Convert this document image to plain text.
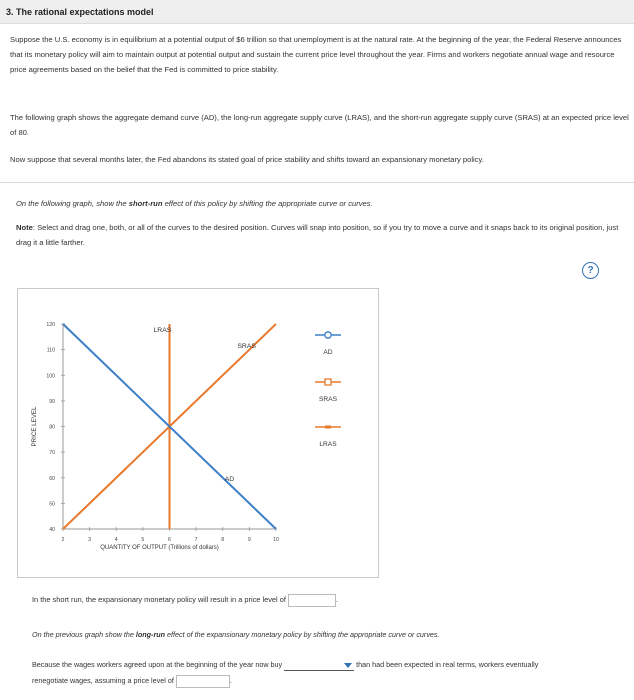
3. The rational expectations model
Suppose the U.S. economy is in equilibrium at a potential output of $6 trillion so that unemployment is at the natural rate. At the beginning of the year, the Federal Reserve announces that its monetary policy will aim to maintain output at potential output and sustain the current price level throughout the year. Firms and workers negotiate annual wage and resource price agreements based on the belief that the Fed is committed to price stability.
The following graph shows the aggregate demand curve (AD), the long-run aggregate supply curve (LRAS), and the short-run aggregate supply curve (SRAS) at an expected price level of 80.
Now suppose that several months later, the Fed abandons its stated goal of price stability and shifts toward an expansionary monetary policy.
On the following graph, show the short-run effect of this policy by shifting the appropriate curve or curves.
Note: Select and drag one, both, or all of the curves to the desired position. Curves will snap into position, so if you try to move a curve and it snaps back to its original position, just drag it a little farther.
?
40
50
60
70
80
90
100
110
120
2	3	4	5	6	7	8	9	10
QUANTITY OF OUTPUT (Trillions of dollars)
PRICE LEVEL
LRAS
SRAS
AD
AD
SRAS
LRAS
In the short run, the expansionary monetary policy will result in a price level of	.
On the previous graph show the long-run effect of the expansionary monetary policy by shifting the appropriate curve or curves.
Because the wages workers agreed upon at the beginning of the year now buy	than had been expected in real terms, workers eventually
renegotiate wages, assuming a price level of	.
